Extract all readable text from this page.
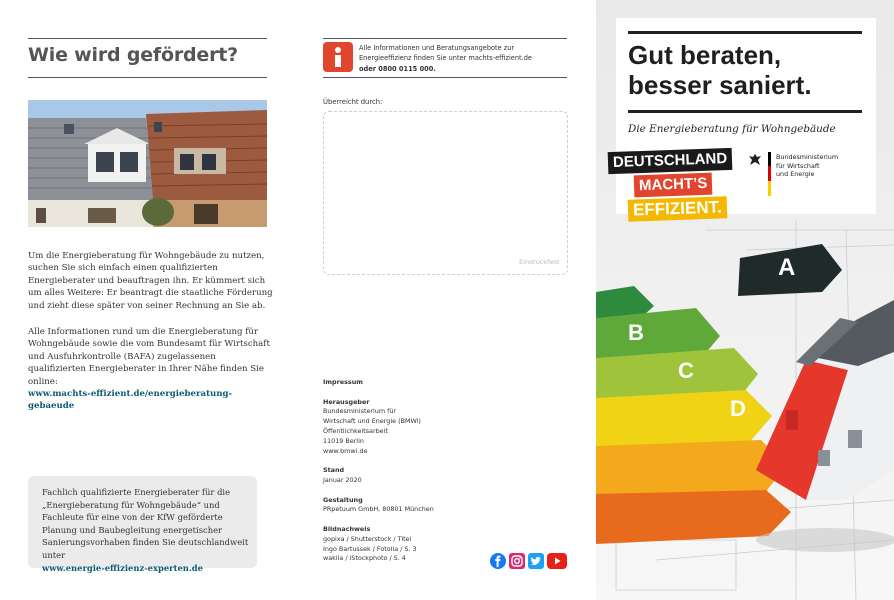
Wie wird gefördert?

Um die Energieberatung für Wohngebäude zu nutzen, suchen Sie sich einfach einen qualifizierten Energieberater und beauftragen ihn. Er kümmert sich um alles Weitere: Er beantragt die staatliche Förderung und zieht diese später von seiner Rechnung an Sie ab.

Alle Informationen rund um die Energieberatung für Wohngebäude sowie die vom Bundesamt für Wirtschaft und Ausfuhrkontrolle (BAFA) zugelassenen qualifizierten Energieberater in Ihrer Nähe finden Sie online:

www.machts-effizient.de/energieberatung-gebaeude

Fachlich qualifizierte Energieberater für die „Energieberatung für Wohngebäude“ und Fachleute für eine von der KfW geförderte Planung und Baubegleitung energetischer Sanierungsvorhaben finden Sie deutschlandweit unter
www.energie-effizienz-experten.de
Alle Informationen und Beratungsangebote zur
Energieeffizienz finden Sie unter machts-effizient.de
oder 0800 0115 000.
Überreicht durch:
Eindruckfeld
Impressum
Herausgeber
Bundesministerium für
Wirtschaft und Energie (BMWi)
Öffentlichkeitsarbeit
11019 Berlin
www.bmwi.de
Stand
Januar 2020
Gestaltung
PRpetuum GmbH, 80801 München
Bildnachweis
gopixa / Shutterstock / Titel
Ingo Bartussek / Fotolia / S. 3
wakila / iStockphoto / S. 4
Gut beraten, besser saniert.
Die Energieberatung für Wohngebäude
A
B
C
D
DEUTSCHLAND
MACHT’S
EFFIZIENT.
Bundesministerium
für Wirtschaft
und Energie
